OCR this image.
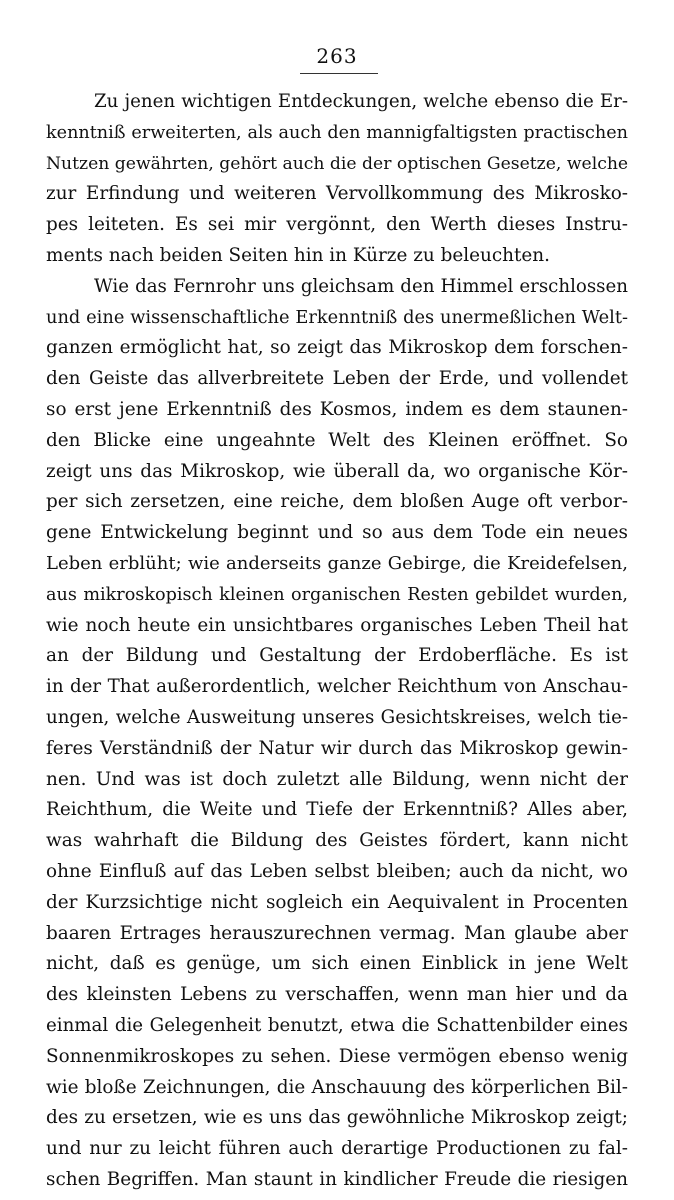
263
Zu jenen wichtigen Entdeckungen, welche ebenso die Er-
kenntniß erweiterten, als auch den mannigfaltigsten practischen
Nutzen gewährten, gehört auch die der optischen Gesetze, welche
zur Erfindung und weiteren Vervollkommung des Mikrosko-
pes leiteten. Es sei mir vergönnt, den Werth dieses Instru-
ments nach beiden Seiten hin in Kürze zu beleuchten.
Wie das Fernrohr uns gleichsam den Himmel erschlossen
und eine wissenschaftliche Erkenntniß des unermeßlichen Welt-
ganzen ermöglicht hat, so zeigt das Mikroskop dem forschen-
den Geiste das allverbreitete Leben der Erde, und vollendet
so erst jene Erkenntniß des Kosmos, indem es dem staunen-
den Blicke eine ungeahnte Welt des Kleinen eröffnet. So
zeigt uns das Mikroskop, wie überall da, wo organische Kör-
per sich zersetzen, eine reiche, dem bloßen Auge oft verbor-
gene Entwickelung beginnt und so aus dem Tode ein neues
Leben erblüht; wie anderseits ganze Gebirge, die Kreidefelsen,
aus mikroskopisch kleinen organischen Resten gebildet wurden,
wie noch heute ein unsichtbares organisches Leben Theil hat
an der Bildung und Gestaltung der Erdoberfläche. Es ist
in der That außerordentlich, welcher Reichthum von Anschau-
ungen, welche Ausweitung unseres Gesichtskreises, welch tie-
feres Verständniß der Natur wir durch das Mikroskop gewin-
nen. Und was ist doch zuletzt alle Bildung, wenn nicht der
Reichthum, die Weite und Tiefe der Erkenntniß? Alles aber,
was wahrhaft die Bildung des Geistes fördert, kann nicht
ohne Einfluß auf das Leben selbst bleiben; auch da nicht, wo
der Kurzsichtige nicht sogleich ein Aequivalent in Procenten
baaren Ertrages herauszurechnen vermag. Man glaube aber
nicht, daß es genüge, um sich einen Einblick in jene Welt
des kleinsten Lebens zu verschaffen, wenn man hier und da
einmal die Gelegenheit benutzt, etwa die Schattenbilder eines
Sonnenmikroskopes zu sehen. Diese vermögen ebenso wenig
wie bloße Zeichnungen, die Anschauung des körperlichen Bil-
des zu ersetzen, wie es uns das gewöhnliche Mikroskop zeigt;
und nur zu leicht führen auch derartige Productionen zu fal-
schen Begriffen. Man staunt in kindlicher Freude die riesigen
